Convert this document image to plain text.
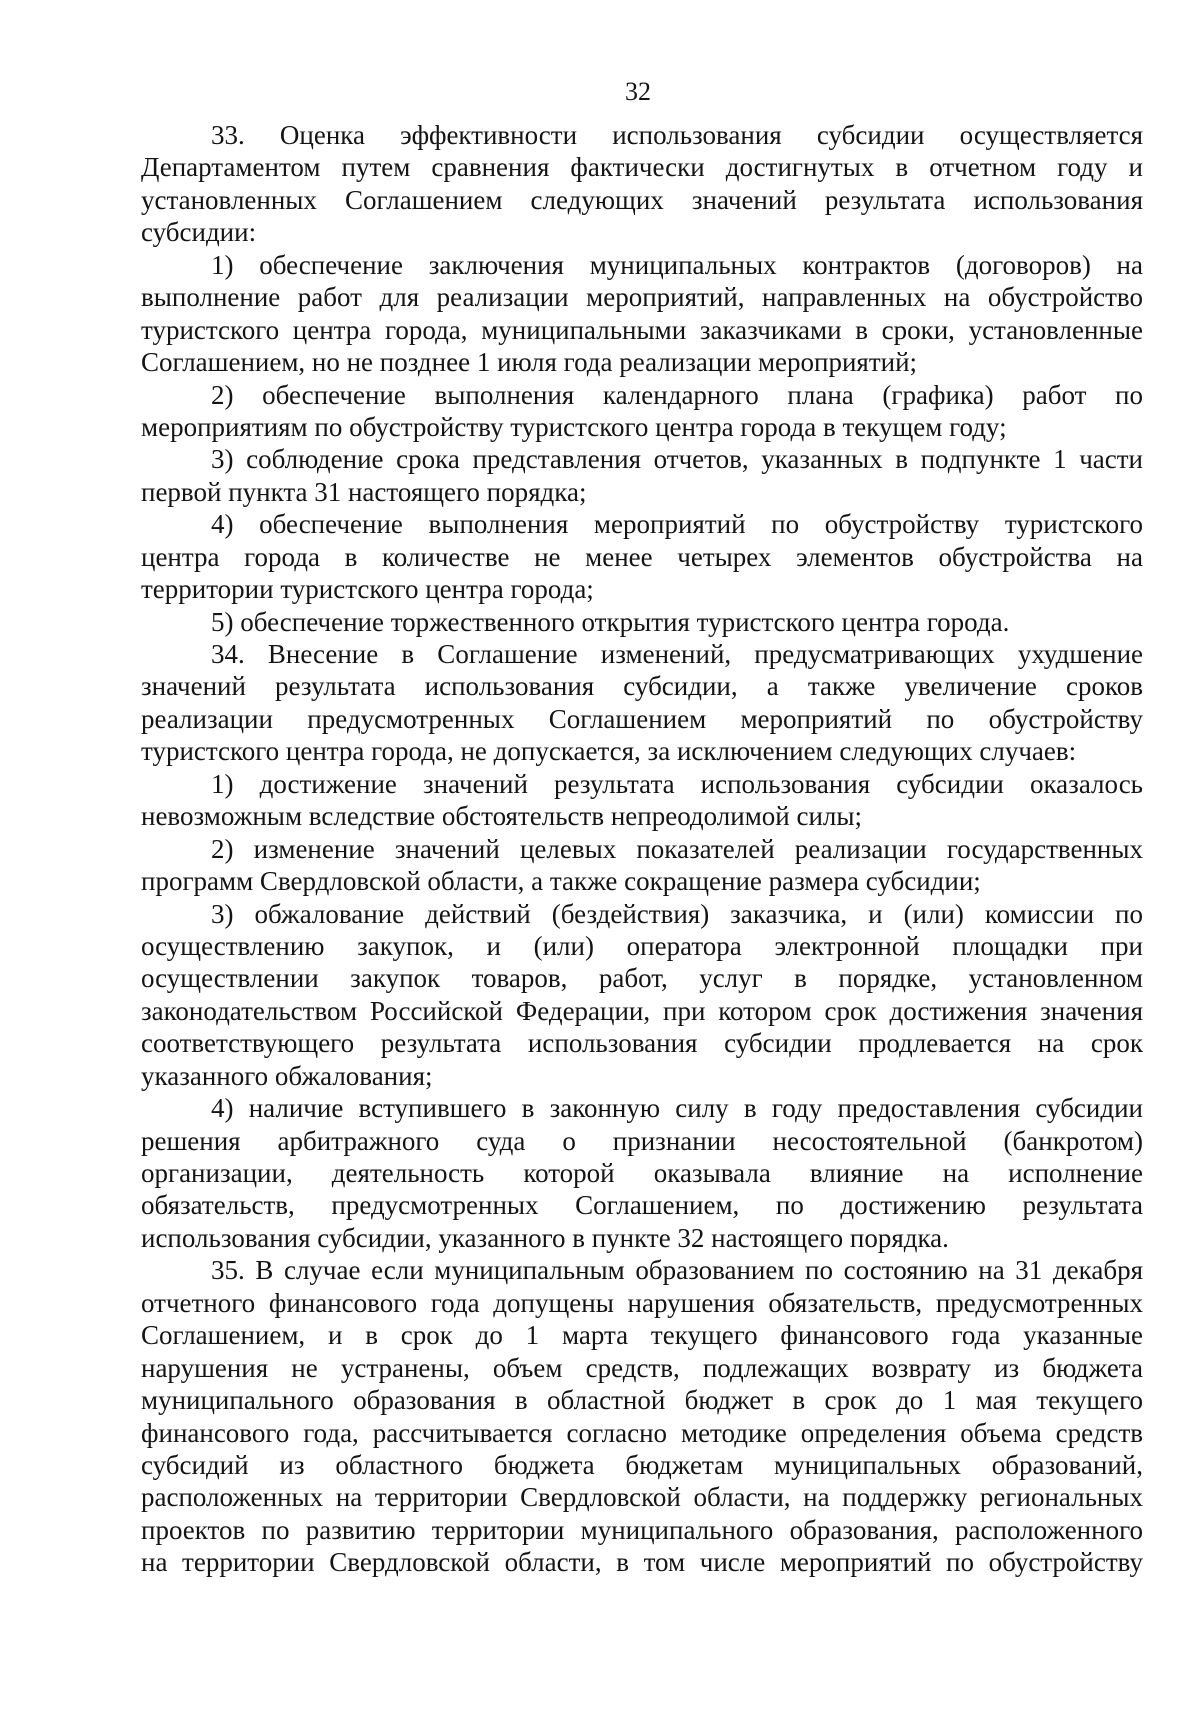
32
33. Оценка эффективности использования субсидии осуществляется
Департаментом путем сравнения фактически достигнутых в отчетном году и
установленных Соглашением следующих значений результата использования
субсидии:
1) обеспечение заключения муниципальных контрактов (договоров) на
выполнение работ для реализации мероприятий, направленных на обустройство
туристского центра города, муниципальными заказчиками в сроки, установленные
Соглашением, но не позднее 1 июля года реализации мероприятий;
2) обеспечение выполнения календарного плана (графика) работ по
мероприятиям по обустройству туристского центра города в текущем году;
3) соблюдение срока представления отчетов, указанных в подпункте 1 части
первой пункта 31 настоящего порядка;
4) обеспечение выполнения мероприятий по обустройству туристского
центра города в количестве не менее четырех элементов обустройства на
территории туристского центра города;
5) обеспечение торжественного открытия туристского центра города.
34. Внесение в Соглашение изменений, предусматривающих ухудшение
значений результата использования субсидии, а также увеличение сроков
реализации предусмотренных Соглашением мероприятий по обустройству
туристского центра города, не допускается, за исключением следующих случаев:
1) достижение значений результата использования субсидии оказалось
невозможным вследствие обстоятельств непреодолимой силы;
2) изменение значений целевых показателей реализации государственных
программ Свердловской области, а также сокращение размера субсидии;
3) обжалование действий (бездействия) заказчика, и (или) комиссии по
осуществлению закупок, и (или) оператора электронной площадки при
осуществлении закупок товаров, работ, услуг в порядке, установленном
законодательством Российской Федерации, при котором срок достижения значения
соответствующего результата использования субсидии продлевается на срок
указанного обжалования;
4) наличие вступившего в законную силу в году предоставления субсидии
решения арбитражного суда о признании несостоятельной (банкротом)
организации, деятельность которой оказывала влияние на исполнение
обязательств, предусмотренных Соглашением, по достижению результата
использования субсидии, указанного в пункте 32 настоящего порядка.
35. В случае если муниципальным образованием по состоянию на 31 декабря
отчетного финансового года допущены нарушения обязательств, предусмотренных
Соглашением, и в срок до 1 марта текущего финансового года указанные
нарушения не устранены, объем средств, подлежащих возврату из бюджета
муниципального образования в областной бюджет в срок до 1 мая текущего
финансового года, рассчитывается согласно методике определения объема средств
субсидий из областного бюджета бюджетам муниципальных образований,
расположенных на территории Свердловской области, на поддержку региональных
проектов по развитию территории муниципального образования, расположенного
на территории Свердловской области, в том числе мероприятий по обустройству
